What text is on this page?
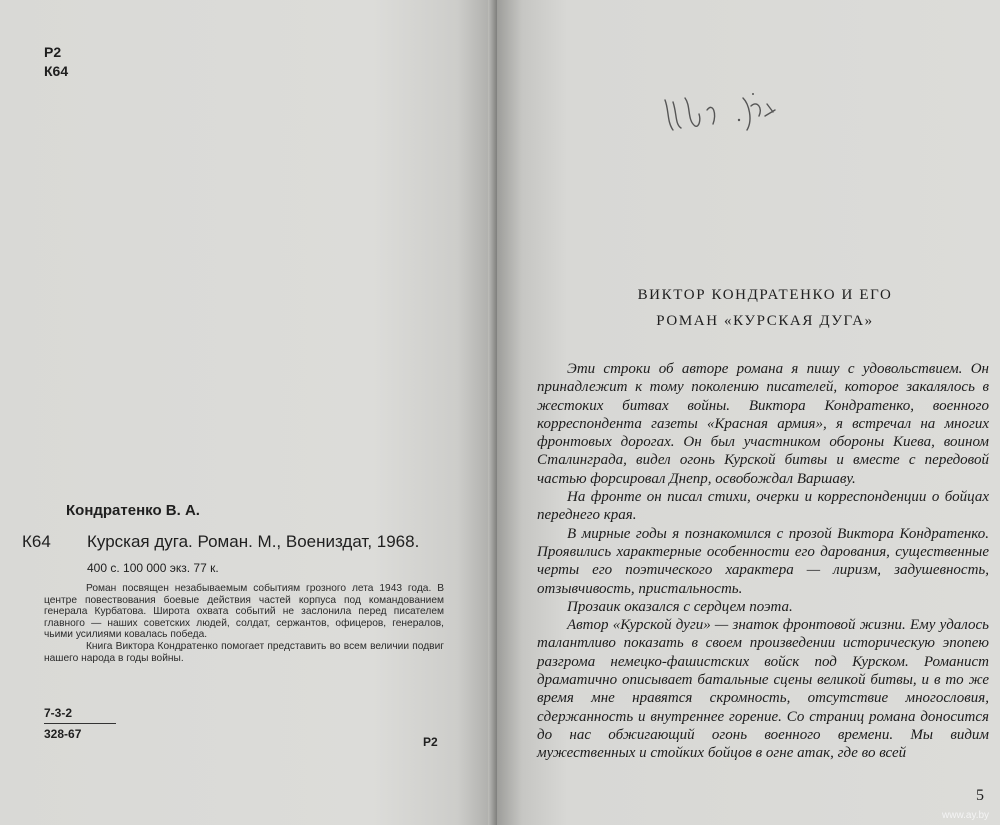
Р2
К64
Кондратенко В. А.
К64 Курская дуга. Роман. М., Воениздат, 1968.
400 с. 100 000 экз. 77 к.

Роман посвящен незабываемым событиям грозного лета 1943 года. В центре повествования боевые действия частей корпуса под командованием генерала Курбатова. Широта охвата событий не заслонила перед писателем главного — наших советских людей, солдат, сержантов, офицеров, генералов, чьими усилиями ковалась победа.

Книга Виктора Кондратенко помогает представить во всем величии подвиг нашего народа в годы войны.

7-3-2
328-67
Р2
ВИКТОР КОНДРАТЕНКО И ЕГО
РОМАН «КУРСКАЯ ДУГА»

Эти строки об авторе романа я пишу с удовольствием. Он принадлежит к тому поколению писателей, которое закалялось в жестоких битвах войны. Виктора Кондратенко, военного корреспондента газеты «Красная армия», я встречал на многих фронтовых дорогах. Он был участником обороны Киева, воином Сталинграда, видел огонь Курской битвы и вместе с передовой частью форсировал Днепр, освобождал Варшаву.

На фронте он писал стихи, очерки и корреспонденции о бойцах переднего края.

В мирные годы я познакомился с прозой Виктора Кондратенко. Проявились характерные особенности его дарования, существенные черты его поэтического характера — лиризм, задушевность, отзывчивость, пристальность.

Прозаик оказался с сердцем поэта.

Автор «Курской дуги» — знаток фронтовой жизни. Ему удалось талантливо показать в своем произведении историческую эпопею разгрома немецко-фашистских войск под Курском. Романист драматично описывает батальные сцены великой битвы, и в то же время мне нравятся скромность, отсутствие многословия, сдержанность и внутреннее горение. Со страниц романа доносится до нас обжигающий огонь военного времени. Мы видим мужественных и стойких бойцов в огне атак, где во всей

5
www.ay.by
